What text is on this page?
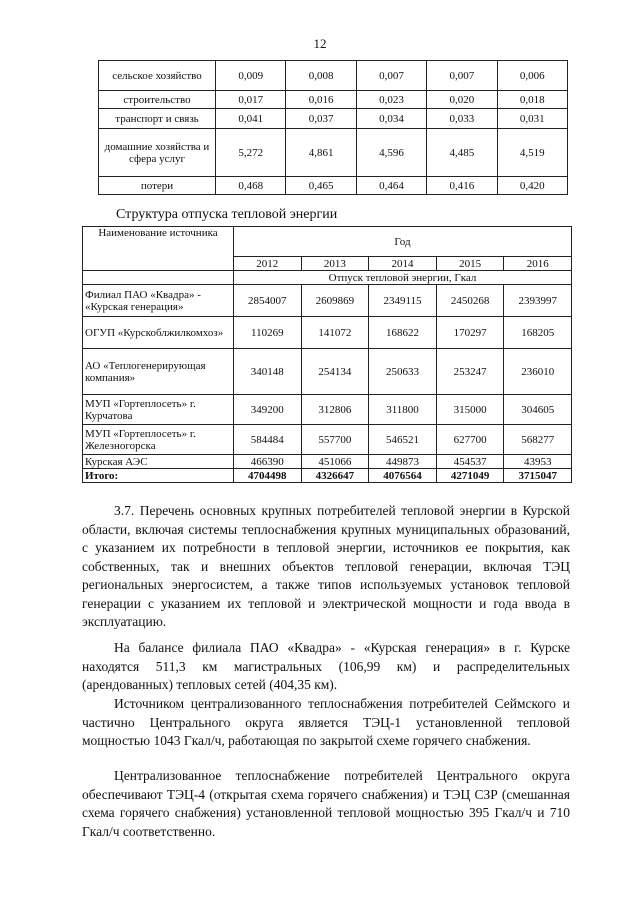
12
сельское хозяйство	0,009	0,008	0,007	0,007	0,006
строительство	0,017	0,016	0,023	0,020	0,018
транспорт и связь	0,041	0,037	0,034	0,033	0,031
домашние хозяйства и сфера услуг	5,272	4,861	4,596	4,485	4,519
потери	0,468	0,465	0,464	0,416	0,420
Структура отпуска тепловой энергии
Наименование источника	Год				
	2012	2013	2014	2015	2016
	Отпуск тепловой энергии, Гкал				
Филиал ПАО «Квадра» - «Курская генерация»	2854007	2609869	2349115	2450268	2393997
ОГУП «Курскоблжилкомхоз»	110269	141072	168622	170297	168205
АО «Теплогенерирующая компания»	340148	254134	250633	253247	236010
МУП «Гортеплосеть» г. Курчатова	349200	312806	311800	315000	304605
МУП «Гортеплосеть» г. Железногорска	584484	557700	546521	627700	568277
Курская АЭС	466390	451066	449873	454537	43953
Итого:	4704498	4326647	4076564	4271049	3715047

3.7. Перечень основных крупных потребителей тепловой энергии в Курской области, включая системы теплоснабжения крупных муниципальных образований, с указанием их потребности в тепловой энергии, источников ее покрытия, как собственных, так и внешних объектов тепловой генерации, включая ТЭЦ региональных энергосистем, а также типов используемых установок тепловой генерации с указанием их тепловой и электрической мощности и года ввода в эксплуатацию.

На балансе филиала ПАО «Квадра» - «Курская генерация» в г. Курске находятся 511,3 км магистральных (106,99 км) и распределительных (арендованных) тепловых сетей (404,35 км).

Источником централизованного теплоснабжения потребителей Сеймского и частично Центрального округа является ТЭЦ-1 установленной тепловой мощностью 1043 Гкал/ч, работающая по закрытой схеме горячего снабжения.

Централизованное теплоснабжение потребителей Центрального округа обеспечивают ТЭЦ-4 (открытая схема горячего снабжения) и ТЭЦ СЗР (смешанная схема горячего снабжения) установленной тепловой мощностью 395 Гкал/ч и 710 Гкал/ч соответственно.
